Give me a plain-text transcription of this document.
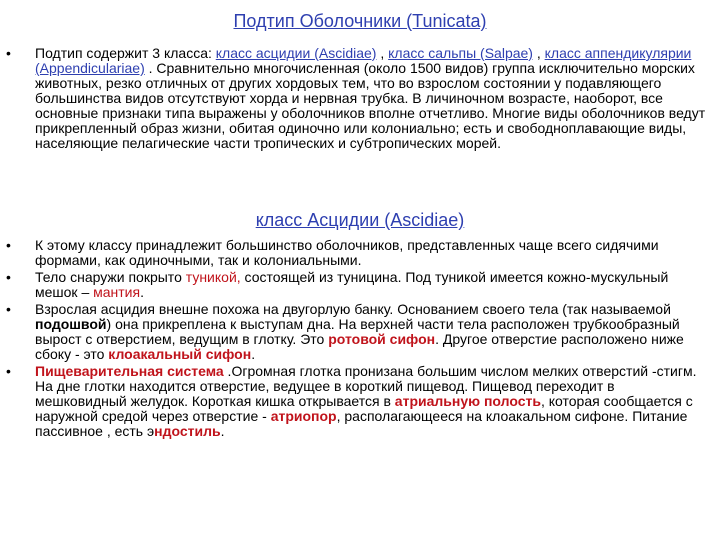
Подтип Оболочники (Tunicata)
• Подтип содержит 3 класса: класс асцидии (Ascidiae) , класс сальпы (Salpae) , класс аппендикулярии (Appendiculariae) . Сравнительно многочисленная (около 1500 видов) группа исключительно морских животных, резко отличных от других хордовых тем, что во взрослом состоянии у подавляющего большинства видов отсутствуют хорда и нервная трубка. В личиночном возрасте, наоборот, все основные признаки типа выражены у оболочников вполне отчетливо. Многие виды оболочников ведут прикрепленный образ жизни, обитая одиночно или колониально; есть и свободноплавающие виды, населяющие пелагические части тропических и субтропических морей.
класс Асцидии (Ascidiae)
• К этому классу принадлежит большинство оболочников, представленных чаще всего сидячими формами, как одиночными, так и колониальными.
• Тело снаружи покрыто туникой, состоящей из туницина. Под туникой имеется кожно-мускульный мешок – мантия.
• Взрослая асцидия внешне похожа на двугорлую банку. Основанием своего тела (так называемой подошвой) она прикреплена к выступам дна. На верхней части тела расположен трубкообразный вырост с отверстием, ведущим в глотку. Это ротовой сифон. Другое отверстие расположено ниже сбоку - это клоакальный сифон.
• Пищеварительная система .Огромная глотка пронизана большим числом мелких отверстий -стигм. На дне глотки находится отверстие, ведущее в короткий пищевод. Пищевод переходит в мешковидный желудок. Короткая кишка открывается в атриальную полость, которая сообщается с наружной средой через отверстие - атриопор, располагающееся на клоакальном сифоне. Питание пассивное , есть эндостиль.
